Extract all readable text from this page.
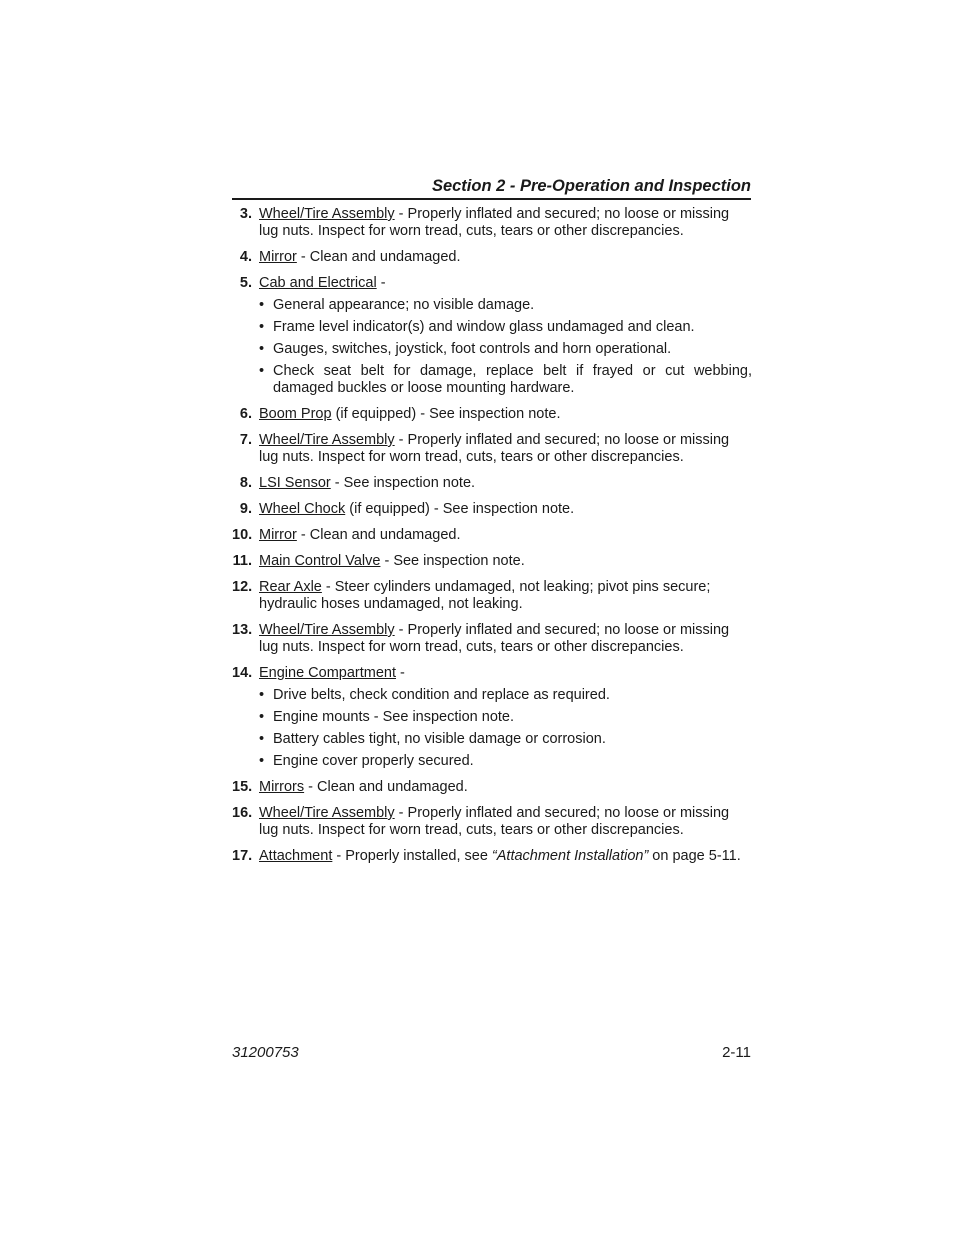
Section 2 - Pre-Operation and Inspection
3. Wheel/Tire Assembly - Properly inflated and secured; no loose or missing lug nuts. Inspect for worn tread, cuts, tears or other discrepancies.
4. Mirror - Clean and undamaged.
5. Cab and Electrical -
• General appearance; no visible damage.
• Frame level indicator(s) and window glass undamaged and clean.
• Gauges, switches, joystick, foot controls and horn operational.
• Check seat belt for damage, replace belt if frayed or cut webbing, damaged buckles or loose mounting hardware.
6. Boom Prop (if equipped) - See inspection note.
7. Wheel/Tire Assembly - Properly inflated and secured; no loose or missing lug nuts. Inspect for worn tread, cuts, tears or other discrepancies.
8. LSI Sensor - See inspection note.
9. Wheel Chock (if equipped) - See inspection note.
10. Mirror - Clean and undamaged.
11. Main Control Valve - See inspection note.
12. Rear Axle - Steer cylinders undamaged, not leaking; pivot pins secure; hydraulic hoses undamaged, not leaking.
13. Wheel/Tire Assembly - Properly inflated and secured; no loose or missing lug nuts. Inspect for worn tread, cuts, tears or other discrepancies.
14. Engine Compartment -
• Drive belts, check condition and replace as required.
• Engine mounts - See inspection note.
• Battery cables tight, no visible damage or corrosion.
• Engine cover properly secured.
15. Mirrors - Clean and undamaged.
16. Wheel/Tire Assembly - Properly inflated and secured; no loose or missing lug nuts. Inspect for worn tread, cuts, tears or other discrepancies.
17. Attachment - Properly installed, see “Attachment Installation” on page 5-11.
31200753	2-11
